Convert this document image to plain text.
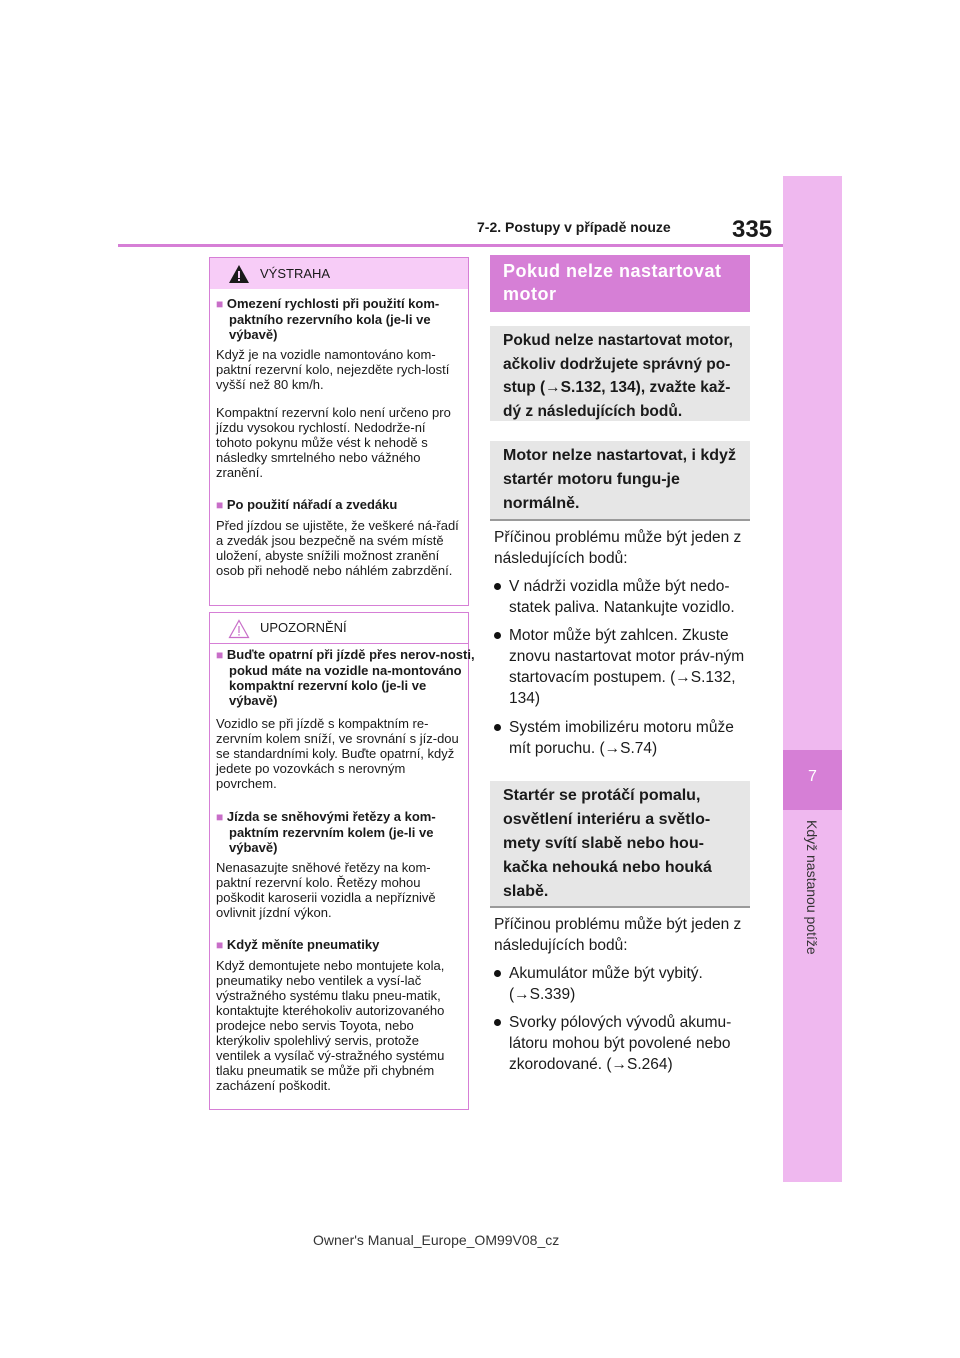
7
Když nastanou potíže
7-2. Postupy v případě nouze	335
VÝSTRAHA
■ Omezení rychlosti při použití kom-paktního rezervního kola (je-li ve výbavě)
Když je na vozidle namontováno kom-paktní rezervní kolo, nejezděte rych-lostí vyšší než 80 km/h.
Kompaktní rezervní kolo není určeno pro jízdu vysokou rychlostí. Nedodrže-ní tohoto pokynu může vést k nehodě s následky smrtelného nebo vážného zranění.
■ Po použití nářadí a zvedáku
Před jízdou se ujistěte, že veškeré ná-řadí a zvedák jsou bezpečně na svém místě uložení, abyste snížili možnost zranění osob při nehodě nebo náhlém zabrzdění.
UPOZORNĚNÍ
■ Buďte opatrní při jízdě přes nerov-nosti, pokud máte na vozidle na-montováno kompaktní rezervní kolo (je-li ve výbavě)
Vozidlo se při jízdě s kompaktním re-zervním kolem sníží, ve srovnání s jíz-dou se standardními koly. Buďte opatrní, když jedete po vozovkách s nerovným povrchem.
■ Jízda se sněhovými řetězy a kom-paktním rezervním kolem (je-li ve výbavě)
Nenasazujte sněhové řetězy na kom-paktní rezervní kolo. Řetězy mohou poškodit karoserii vozidla a nepříznivě ovlivnit jízdní výkon.
■ Když měníte pneumatiky
Když demontujete nebo montujete kola, pneumatiky nebo ventilek a vysí-lač výstražného systému tlaku pneu-matik, kontaktujte kteréhokoliv autorizovaného prodejce nebo servis Toyota, nebo kterýkoliv spolehlivý servis, protože ventilek a vysílač vý-stražného systému tlaku pneumatik se může při chybném zacházení poškodit.
Pokud nelze nastartovat motor
Pokud nelze nastartovat motor, ačkoliv dodržujete správný po-stup (→S.132, 134), zvažte kaž-dý z následujících bodů.
Motor nelze nastartovat, i když startér motoru fungu-je normálně.
Příčinou problému může být jeden z následujících bodů:
V nádrži vozidla může být nedo-statek paliva. Natankujte vozidlo.
Motor může být zahlcen. Zkuste znovu nastartovat motor práv-ným startovacím postupem. (→S.132, 134)
Systém imobilizéru motoru může mít poruchu. (→S.74)
Startér se protáčí pomalu, osvětlení interiéru a světlo-mety svítí slabě nebo hou-kačka nehouká nebo houká slabě.
Příčinou problému může být jeden z následujících bodů:
Akumulátor může být vybitý. (→S.339)
Svorky pólových vývodů akumu-látoru mohou být povolené nebo zkorodované. (→S.264)
Owner's Manual_Europe_OM99V08_cz
